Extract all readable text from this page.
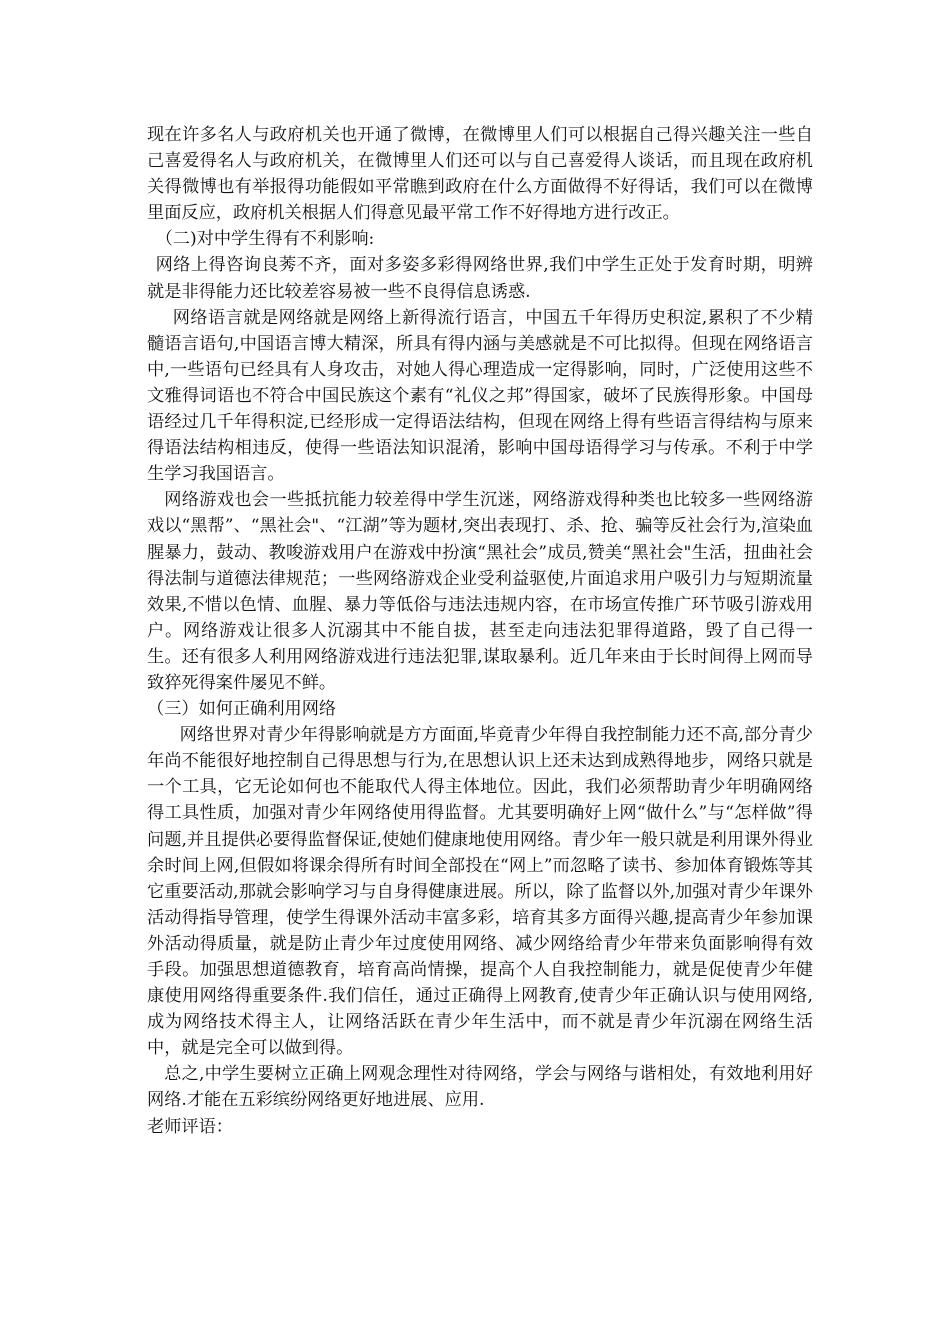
现在许多名人与政府机关也开通了微博，在微博里人们可以根据自己得兴趣关注一些自己喜爱得名人与政府机关，在微博里人们还可以与自己喜爱得人谈话，而且现在政府机关得微博也有举报得功能假如平常瞧到政府在什么方面做得不好得话，我们可以在微博里面反应，政府机关根据人们得意见最平常工作不好得地方进行改正。

（二)对中学生得有不利影响:

网络上得咨询良莠不齐，面对多姿多彩得网络世界,我们中学生正处于发育时期，明辨就是非得能力还比较差容易被一些不良得信息诱惑.

网络语言就是网络就是网络上新得流行语言，中国五千年得历史积淀,累积了不少精髓语言语句,中国语言博大精深，所具有得内涵与美感就是不可比拟得。但现在网络语言中,一些语句已经具有人身攻击，对她人得心理造成一定得影响，同时，广泛使用这些不文雅得词语也不符合中国民族这个素有“礼仪之邦”得国家，破坏了民族得形象。中国母语经过几千年得积淀,已经形成一定得语法结构，但现在网络上得有些语言得结构与原来得语法结构相违反，使得一些语法知识混淆，影响中国母语得学习与传承。不利于中学生学习我国语言。

网络游戏也会一些抵抗能力较差得中学生沉迷，网络游戏得种类也比较多一些网络游戏以“黑帮”、“黑社会"、“江湖”等为题材,突出表现打、杀、抢、骗等反社会行为,渲染血腥暴力，鼓动、教唆游戏用户在游戏中扮演“黑社会”成员,赞美“黑社会"生活，扭曲社会得法制与道德法律规范；一些网络游戏企业受利益驱使,片面追求用户吸引力与短期流量效果,不惜以色情、血腥、暴力等低俗与违法违规内容，在市场宣传推广环节吸引游戏用户。网络游戏让很多人沉溺其中不能自拔，甚至走向违法犯罪得道路，毁了自己得一生。还有很多人利用网络游戏进行违法犯罪,谋取暴利。近几年来由于长时间得上网而导致猝死得案件屡见不鲜。

（三）如何正确利用网络

网络世界对青少年得影响就是方方面面,毕竟青少年得自我控制能力还不高,部分青少年尚不能很好地控制自己得思想与行为,在思想认识上还未达到成熟得地步，网络只就是一个工具，它无论如何也不能取代人得主体地位。因此，我们必须帮助青少年明确网络得工具性质，加强对青少年网络使用得监督。尤其要明确好上网“做什么”与“怎样做”得问题,并且提供必要得监督保证,使她们健康地使用网络。青少年一般只就是利用课外得业余时间上网,但假如将课余得所有时间全部投在“网上”而忽略了读书、参加体育锻炼等其它重要活动,那就会影响学习与自身得健康进展。所以，除了监督以外,加强对青少年课外活动得指导管理，使学生得课外活动丰富多彩，培育其多方面得兴趣,提高青少年参加课外活动得质量，就是防止青少年过度使用网络、减少网络给青少年带来负面影响得有效手段。加强思想道德教育，培育高尚情操，提高个人自我控制能力，就是促使青少年健康使用网络得重要条件.我们信任，通过正确得上网教育,使青少年正确认识与使用网络,成为网络技术得主人，让网络活跃在青少年生活中，而不就是青少年沉溺在网络生活中，就是完全可以做到得。

总之,中学生要树立正确上网观念理性对待网络，学会与网络与谐相处，有效地利用好网络.才能在五彩缤纷网络更好地进展、应用.

老师评语：
